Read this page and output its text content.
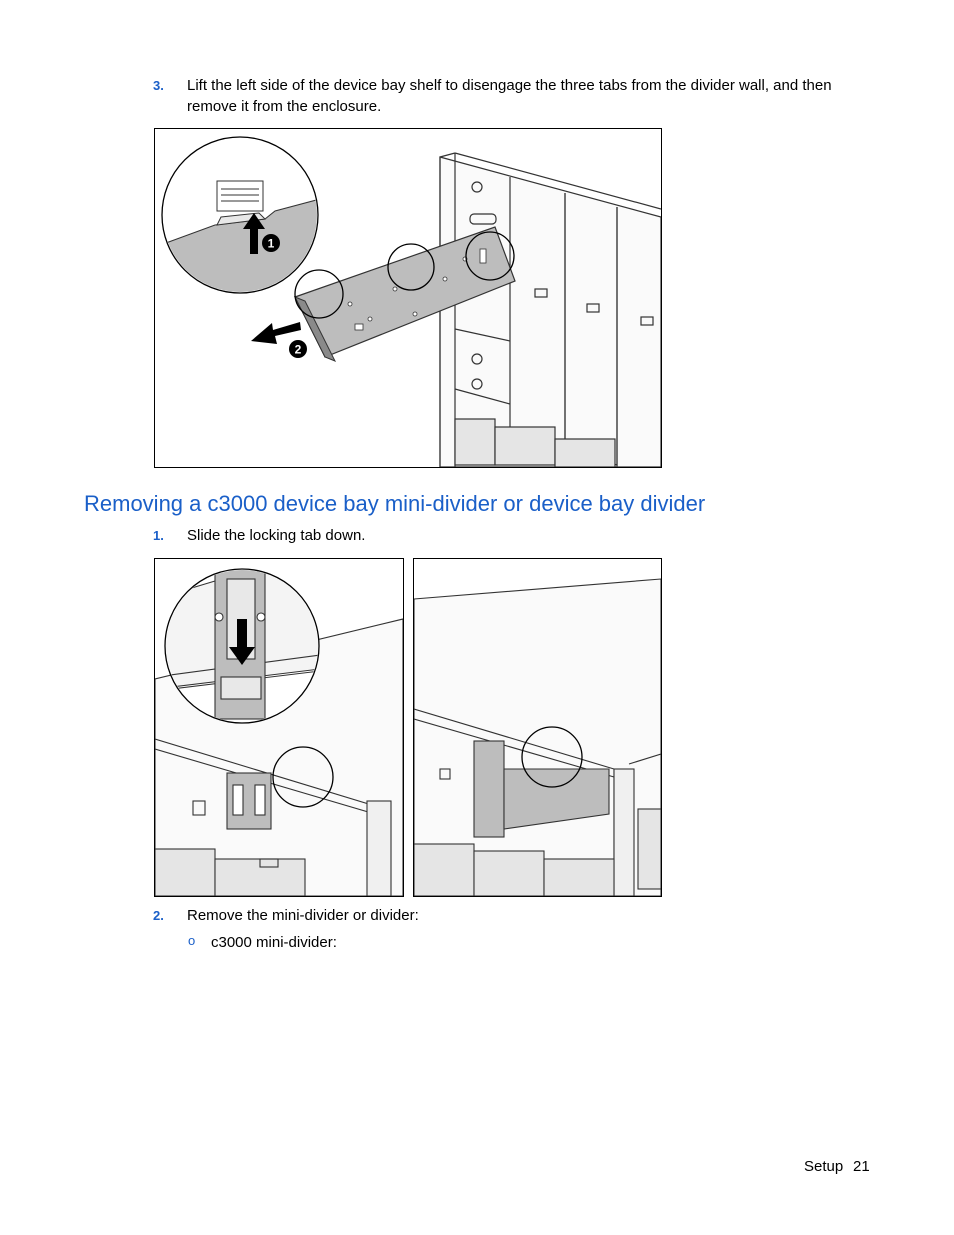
3. Lift the left side of the device bay shelf to disengage the three tabs from the divider wall, and then
remove it from the enclosure.
1
2
Removing a c3000 device bay mini-divider or device bay divider
1. Slide the locking tab down.
2. Remove the mini-divider or divider:
o c3000 mini-divider:
Setup 21
